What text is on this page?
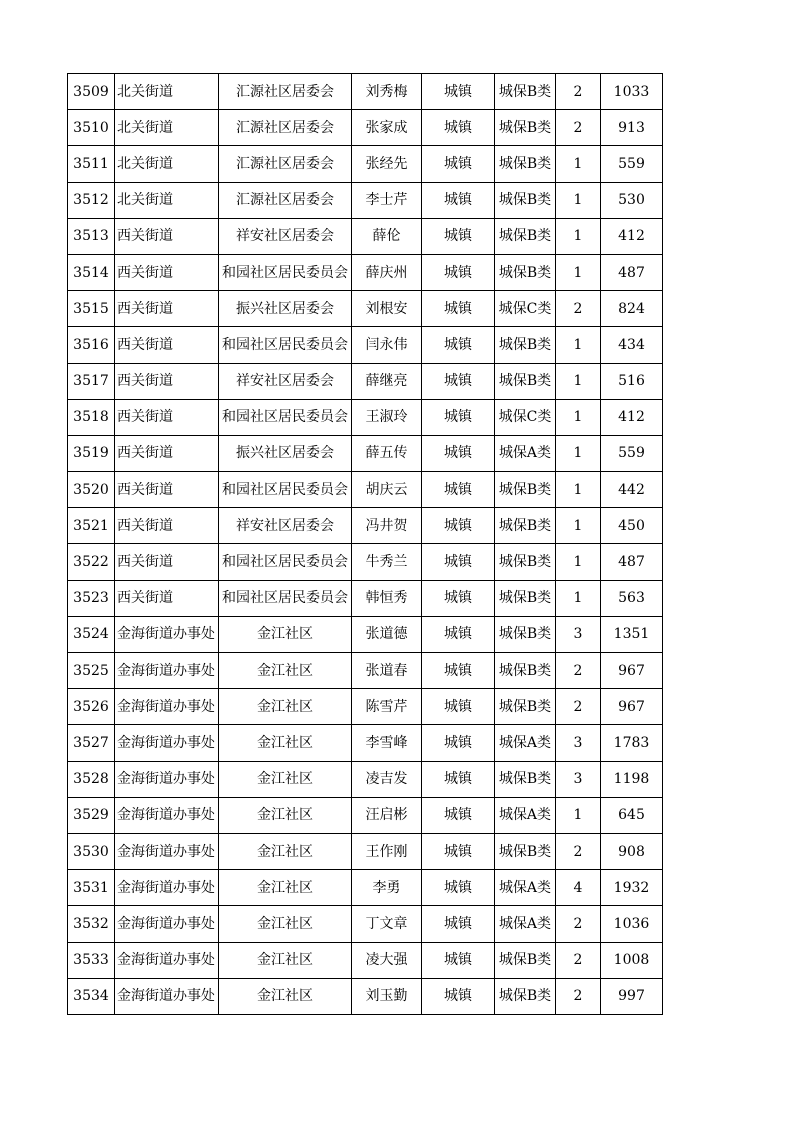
3509	北关街道	汇源社区居委会	刘秀梅	城镇	城保B类	2	1033
3510	北关街道	汇源社区居委会	张家成	城镇	城保B类	2	913
3511	北关街道	汇源社区居委会	张经先	城镇	城保B类	1	559
3512	北关街道	汇源社区居委会	李士芹	城镇	城保B类	1	530
3513	西关街道	祥安社区居委会	薛伦	城镇	城保B类	1	412
3514	西关街道	和园社区居民委员会	薛庆州	城镇	城保B类	1	487
3515	西关街道	振兴社区居委会	刘根安	城镇	城保C类	2	824
3516	西关街道	和园社区居民委员会	闫永伟	城镇	城保B类	1	434
3517	西关街道	祥安社区居委会	薛继亮	城镇	城保B类	1	516
3518	西关街道	和园社区居民委员会	王淑玲	城镇	城保C类	1	412
3519	西关街道	振兴社区居委会	薛五传	城镇	城保A类	1	559
3520	西关街道	和园社区居民委员会	胡庆云	城镇	城保B类	1	442
3521	西关街道	祥安社区居委会	冯井贺	城镇	城保B类	1	450
3522	西关街道	和园社区居民委员会	牛秀兰	城镇	城保B类	1	487
3523	西关街道	和园社区居民委员会	韩恒秀	城镇	城保B类	1	563
3524	金海街道办事处	金江社区	张道德	城镇	城保B类	3	1351
3525	金海街道办事处	金江社区	张道春	城镇	城保B类	2	967
3526	金海街道办事处	金江社区	陈雪芹	城镇	城保B类	2	967
3527	金海街道办事处	金江社区	李雪峰	城镇	城保A类	3	1783
3528	金海街道办事处	金江社区	凌吉发	城镇	城保B类	3	1198
3529	金海街道办事处	金江社区	汪启彬	城镇	城保A类	1	645
3530	金海街道办事处	金江社区	王作刚	城镇	城保B类	2	908
3531	金海街道办事处	金江社区	李勇	城镇	城保A类	4	1932
3532	金海街道办事处	金江社区	丁文章	城镇	城保A类	2	1036
3533	金海街道办事处	金江社区	凌大强	城镇	城保B类	2	1008
3534	金海街道办事处	金江社区	刘玉勤	城镇	城保B类	2	997
